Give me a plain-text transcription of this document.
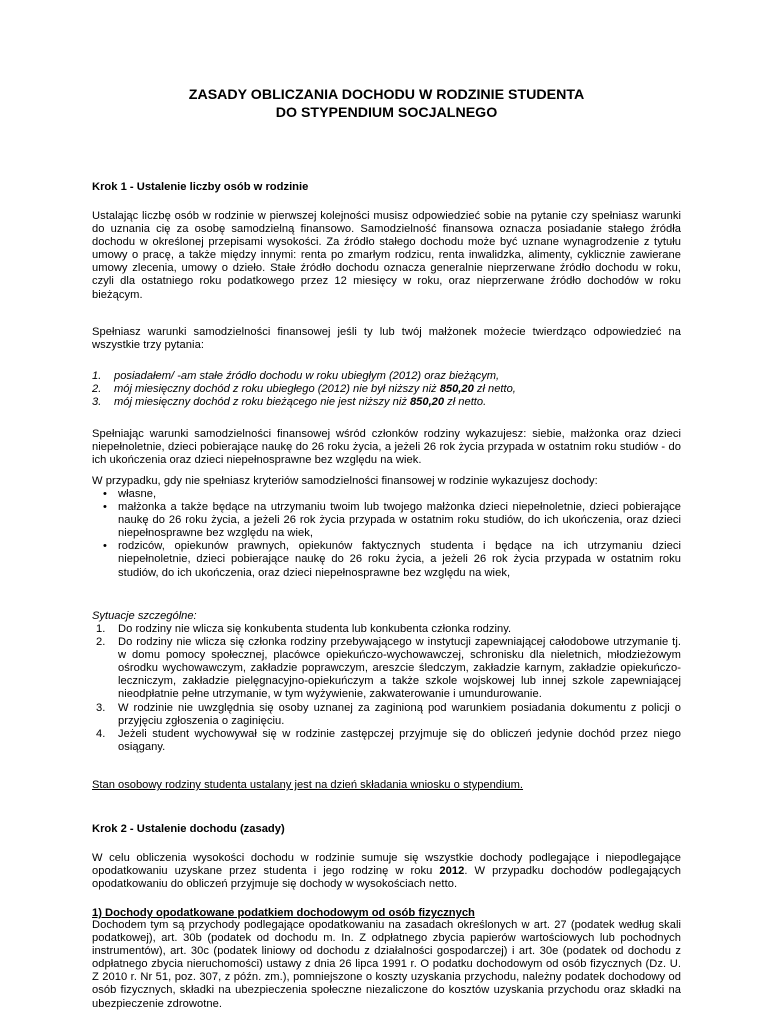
ZASADY OBLICZANIA DOCHODU W RODZINIE STUDENTA
DO STYPENDIUM SOCJALNEGO
Krok 1 - Ustalenie liczby osób w rodzinie
Ustalając liczbę osób w rodzinie w pierwszej kolejności musisz odpowiedzieć sobie na pytanie czy spełniasz warunki do uznania cię za osobę samodzielną finansowo. Samodzielność finansowa oznacza posiadanie stałego źródła dochodu w określonej przepisami wysokości. Za źródło stałego dochodu może być uznane wynagrodzenie z tytułu umowy o pracę, a także między innymi: renta po zmarłym rodzicu, renta inwalidzka, alimenty, cyklicznie zawierane umowy zlecenia, umowy o dzieło. Stałe źródło dochodu oznacza generalnie nieprzerwane źródło dochodu w roku, czyli dla ostatniego roku podatkowego przez 12 miesięcy w roku, oraz nieprzerwane źródło dochodów w roku bieżącym.
Spełniasz warunki samodzielności finansowej jeśli ty lub twój małżonek możecie twierdząco odpowiedzieć na wszystkie trzy pytania:
1.	posiadałem/ -am stałe źródło dochodu w roku ubiegłym (2012) oraz bieżącym,
2.	mój miesięczny dochód z roku ubiegłego (2012) nie był niższy niż 850,20 zł netto,
3.	mój miesięczny dochód z roku bieżącego nie jest niższy niż 850,20 zł netto.
Spełniając warunki samodzielności finansowej wśród członków rodziny wykazujesz: siebie, małżonka oraz dzieci niepełnoletnie, dzieci pobierające naukę do 26 roku życia, a jeżeli 26 rok życia przypada w ostatnim roku studiów - do ich ukończenia oraz dzieci niepełnosprawne bez względu na wiek.
W przypadku, gdy nie spełniasz kryteriów samodzielności finansowej w rodzinie wykazujesz dochody:
• własne,
• małżonka a także będące na utrzymaniu twoim lub twojego małżonka dzieci niepełnoletnie, dzieci pobierające naukę do 26 roku życia, a jeżeli 26 rok życia przypada w ostatnim roku studiów, do ich ukończenia, oraz dzieci niepełnosprawne bez względu na wiek,
• rodziców, opiekunów prawnych, opiekunów faktycznych studenta i będące na ich utrzymaniu dzieci niepełnoletnie, dzieci pobierające naukę do 26 roku życia, a jeżeli 26 rok życia przypada w ostatnim roku studiów, do ich ukończenia, oraz dzieci niepełnosprawne bez względu na wiek,
Sytuacje szczególne:
1.	Do rodziny nie wlicza się konkubenta studenta lub konkubenta członka rodziny.
2.	Do rodziny nie wlicza się członka rodziny przebywającego w instytucji zapewniającej całodobowe utrzymanie tj. w domu pomocy społecznej, placówce opiekuńczo-wychowawczej, schronisku dla nieletnich, młodzieżowym ośrodku wychowawczym, zakładzie poprawczym, areszcie śledczym, zakładzie karnym, zakładzie opiekuńczo-leczniczym, zakładzie pielęgnacyjno-opiekuńczym a także szkole wojskowej lub innej szkole zapewniającej nieodpłatnie pełne utrzymanie, w tym wyżywienie, zakwaterowanie i umundurowanie.
3.	W rodzinie nie uwzględnia się osoby uznanej za zaginioną pod warunkiem posiadania dokumentu z policji o przyjęciu zgłoszenia o zaginięciu.
4.	Jeżeli student wychowywał się w rodzinie zastępczej przyjmuje się do obliczeń jedynie dochód przez niego osiągany.
Stan osobowy rodziny studenta ustalany jest na dzień składania wniosku o stypendium.
Krok 2 - Ustalenie dochodu (zasady)
W celu obliczenia wysokości dochodu w rodzinie sumuje się wszystkie dochody podlegające i niepodlegające opodatkowaniu uzyskane przez studenta i jego rodzinę w roku 2012. W przypadku dochodów podlegających opodatkowaniu do obliczeń przyjmuje się dochody w wysokościach netto.
1) Dochody opodatkowane podatkiem dochodowym od osób fizycznych
Dochodem tym są przychody podlegające opodatkowaniu na zasadach określonych w art. 27 (podatek według skali podatkowej), art. 30b (podatek od dochodu m. In. Z odpłatnego zbycia papierów wartościowych lub pochodnych instrumentów), art. 30c (podatek liniowy od dochodu z działalności gospodarczej) i art. 30e (podatek od dochodu z odpłatnego zbycia nieruchomości) ustawy z dnia 26 lipca 1991 r. O podatku dochodowym od osób fizycznych (Dz. U. Z 2010 r. Nr 51, poz. 307, z późn. zm.), pomniejszone o koszty uzyskania przychodu, należny podatek dochodowy od osób fizycznych, składki na ubezpieczenia społeczne niezaliczone do kosztów uzyskania przychodu oraz składki na ubezpieczenie zdrowotne.
